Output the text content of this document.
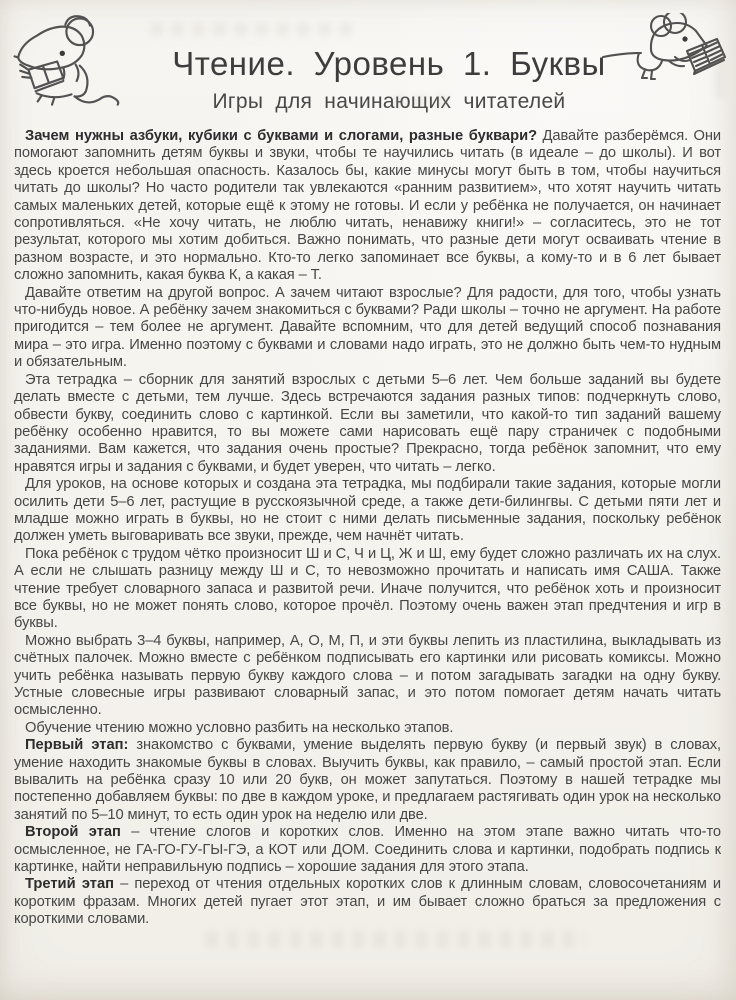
Чтение. Уровень 1. Буквы
Игры для начинающих читателей

Зачем нужны азбуки, кубики с буквами и слогами, разные буквари? Давайте разберёмся. Они помогают запомнить детям буквы и звуки, чтобы те научились читать (в идеале – до школы). И вот здесь кроется небольшая опасность. Казалось бы, какие минусы могут быть в том, чтобы научиться читать до школы? Но часто родители так увлекаются «ранним развитием», что хотят научить читать самых маленьких детей, которые ещё к этому не готовы. И если у ребёнка не получается, он начинает сопротивляться. «Не хочу читать, не люблю читать, ненавижу книги!» – согласитесь, это не тот результат, которого мы хотим добиться. Важно понимать, что разные дети могут осваивать чтение в разном возрасте, и это нормально. Кто-то легко запоминает все буквы, а кому-то и в 6 лет бывает сложно запомнить, какая буква К, а какая – Т.

Давайте ответим на другой вопрос. А зачем читают взрослые? Для радости, для того, чтобы узнать что-нибудь новое. А ребёнку зачем знакомиться с буквами? Ради школы – точно не аргумент. На работе пригодится – тем более не аргумент. Давайте вспомним, что для детей ведущий способ познавания мира – это игра. Именно поэтому с буквами и словами надо играть, это не должно быть чем-то нудным и обязательным.

Эта тетрадка – сборник для занятий взрослых с детьми 5–6 лет. Чем больше заданий вы будете делать вместе с детьми, тем лучше. Здесь встречаются задания разных типов: подчеркнуть слово, обвести букву, соединить слово с картинкой. Если вы заметили, что какой-то тип заданий вашему ребёнку особенно нравится, то вы можете сами нарисовать ещё пару страничек с подобными заданиями. Вам кажется, что задания очень простые? Прекрасно, тогда ребёнок запомнит, что ему нравятся игры и задания с буквами, и будет уверен, что читать – легко.

Для уроков, на основе которых и создана эта тетрадка, мы подбирали такие задания, которые могли осилить дети 5–6 лет, растущие в русскоязычной среде, а также дети-билингвы. С детьми пяти лет и младше можно играть в буквы, но не стоит с ними делать письменные задания, поскольку ребёнок должен уметь выговаривать все звуки, прежде, чем начнёт читать.

Пока ребёнок с трудом чётко произносит Ш и С, Ч и Ц, Ж и Ш, ему будет сложно различать их на слух. А если не слышать разницу между Ш и С, то невозможно прочитать и написать имя САША. Также чтение требует словарного запаса и развитой речи. Иначе получится, что ребёнок хоть и произносит все буквы, но не может понять слово, которое прочёл. Поэтому очень важен этап предчтения и игр в буквы.

Можно выбрать 3–4 буквы, например, А, О, М, П, и эти буквы лепить из пластилина, выкладывать из счётных палочек. Можно вместе с ребёнком подписывать его картинки или рисовать комиксы. Можно учить ребёнка называть первую букву каждого слова – и потом загадывать загадки на одну букву. Устные словесные игры развивают словарный запас, и это потом помогает детям начать читать осмысленно.

Обучение чтению можно условно разбить на несколько этапов.

Первый этап: знакомство с буквами, умение выделять первую букву (и первый звук) в словах, умение находить знакомые буквы в словах. Выучить буквы, как правило, – самый простой этап. Если вывалить на ребёнка сразу 10 или 20 букв, он может запутаться. Поэтому в нашей тетрадке мы постепенно добавляем буквы: по две в каждом уроке, и предлагаем растягивать один урок на несколько занятий по 5–10 минут, то есть один урок на неделю или две.

Второй этап – чтение слогов и коротких слов. Именно на этом этапе важно читать что-то осмысленное, не ГА-ГО-ГУ-ГЫ-ГЭ, а КОТ или ДОМ. Соединить слова и картинки, подобрать подпись к картинке, найти неправильную подпись – хорошие задания для этого этапа.

Третий этап – переход от чтения отдельных коротких слов к длинным словам, словосочетаниям и коротким фразам. Многих детей пугает этот этап, и им бывает сложно браться за предложения с короткими словами.
